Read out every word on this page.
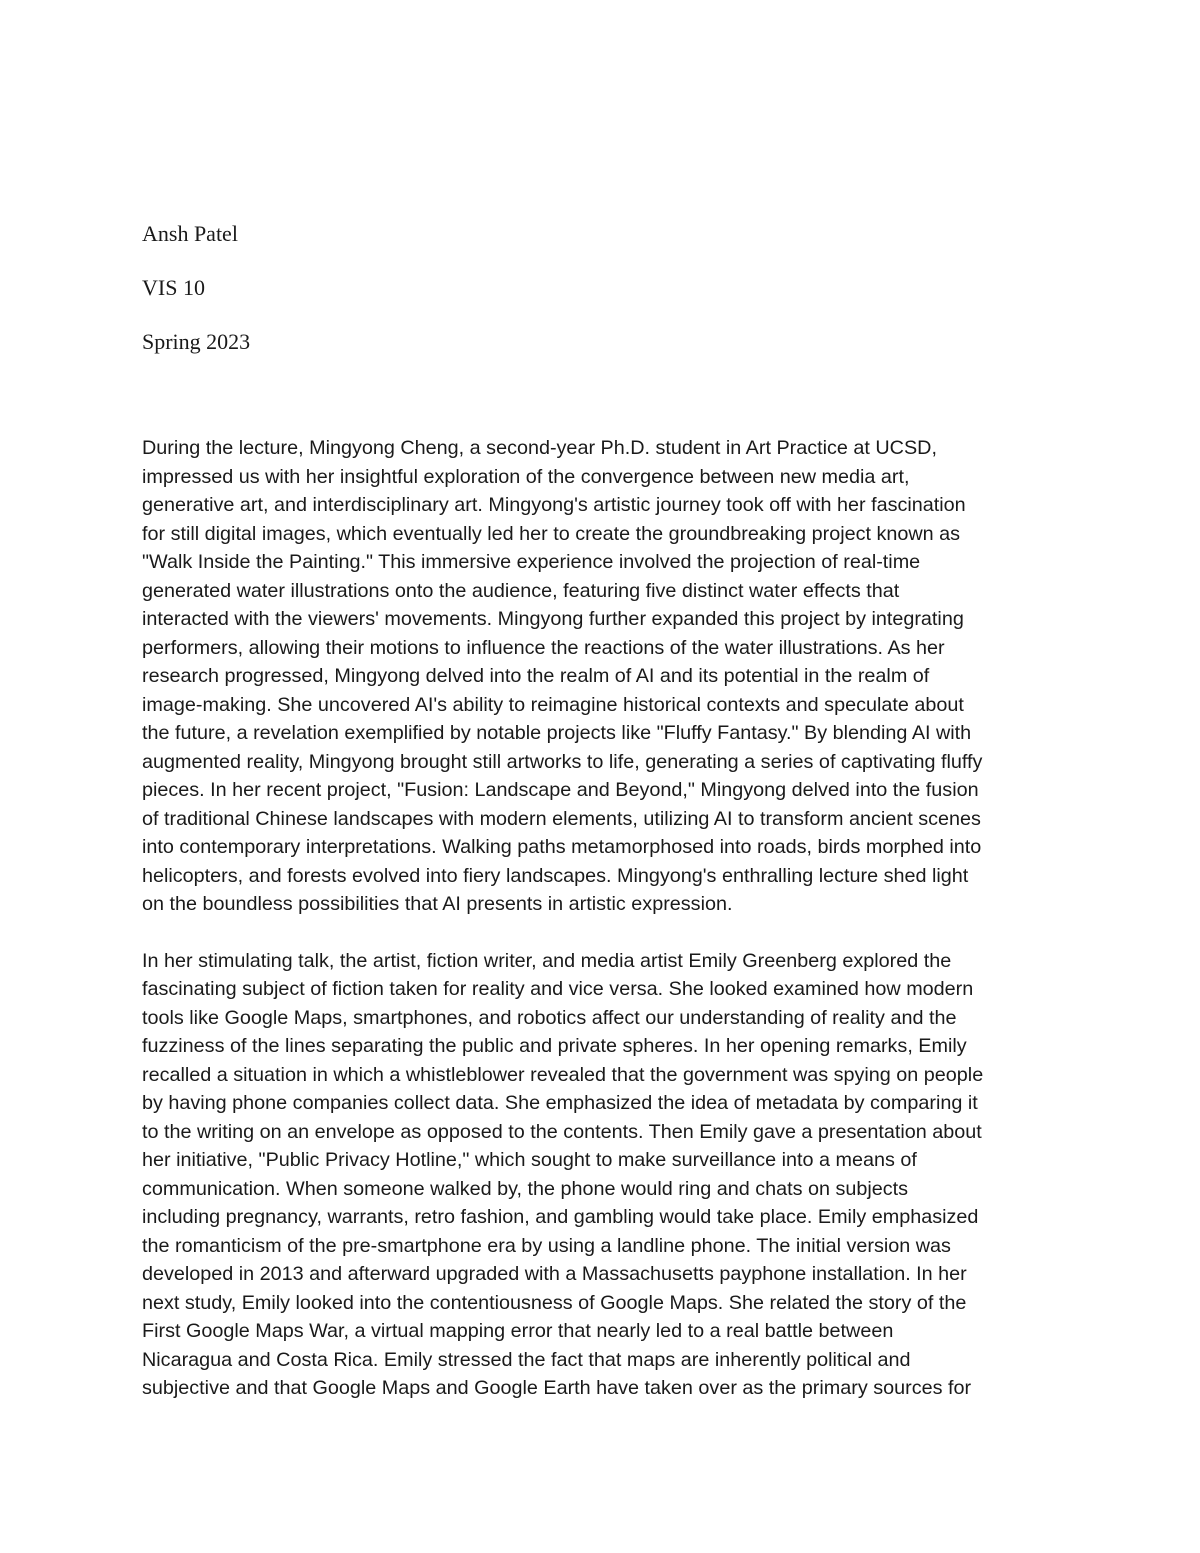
Ansh Patel
VIS 10
Spring 2023

During the lecture, Mingyong Cheng, a second-year Ph.D. student in Art Practice at UCSD,
impressed us with her insightful exploration of the convergence between new media art,
generative art, and interdisciplinary art. Mingyong's artistic journey took off with her fascination
for still digital images, which eventually led her to create the groundbreaking project known as
"Walk Inside the Painting." This immersive experience involved the projection of real-time
generated water illustrations onto the audience, featuring five distinct water effects that
interacted with the viewers' movements. Mingyong further expanded this project by integrating
performers, allowing their motions to influence the reactions of the water illustrations. As her
research progressed, Mingyong delved into the realm of AI and its potential in the realm of
image-making. She uncovered AI's ability to reimagine historical contexts and speculate about
the future, a revelation exemplified by notable projects like "Fluffy Fantasy." By blending AI with
augmented reality, Mingyong brought still artworks to life, generating a series of captivating fluffy
pieces. In her recent project, "Fusion: Landscape and Beyond," Mingyong delved into the fusion
of traditional Chinese landscapes with modern elements, utilizing AI to transform ancient scenes
into contemporary interpretations. Walking paths metamorphosed into roads, birds morphed into
helicopters, and forests evolved into fiery landscapes. Mingyong's enthralling lecture shed light
on the boundless possibilities that AI presents in artistic expression.

In her stimulating talk, the artist, fiction writer, and media artist Emily Greenberg explored the
fascinating subject of fiction taken for reality and vice versa. She looked examined how modern
tools like Google Maps, smartphones, and robotics affect our understanding of reality and the
fuzziness of the lines separating the public and private spheres. In her opening remarks, Emily
recalled a situation in which a whistleblower revealed that the government was spying on people
by having phone companies collect data. She emphasized the idea of metadata by comparing it
to the writing on an envelope as opposed to the contents. Then Emily gave a presentation about
her initiative, "Public Privacy Hotline," which sought to make surveillance into a means of
communication. When someone walked by, the phone would ring and chats on subjects
including pregnancy, warrants, retro fashion, and gambling would take place. Emily emphasized
the romanticism of the pre-smartphone era by using a landline phone. The initial version was
developed in 2013 and afterward upgraded with a Massachusetts payphone installation. In her
next study, Emily looked into the contentiousness of Google Maps. She related the story of the
First Google Maps War, a virtual mapping error that nearly led to a real battle between
Nicaragua and Costa Rica. Emily stressed the fact that maps are inherently political and
subjective and that Google Maps and Google Earth have taken over as the primary sources for
